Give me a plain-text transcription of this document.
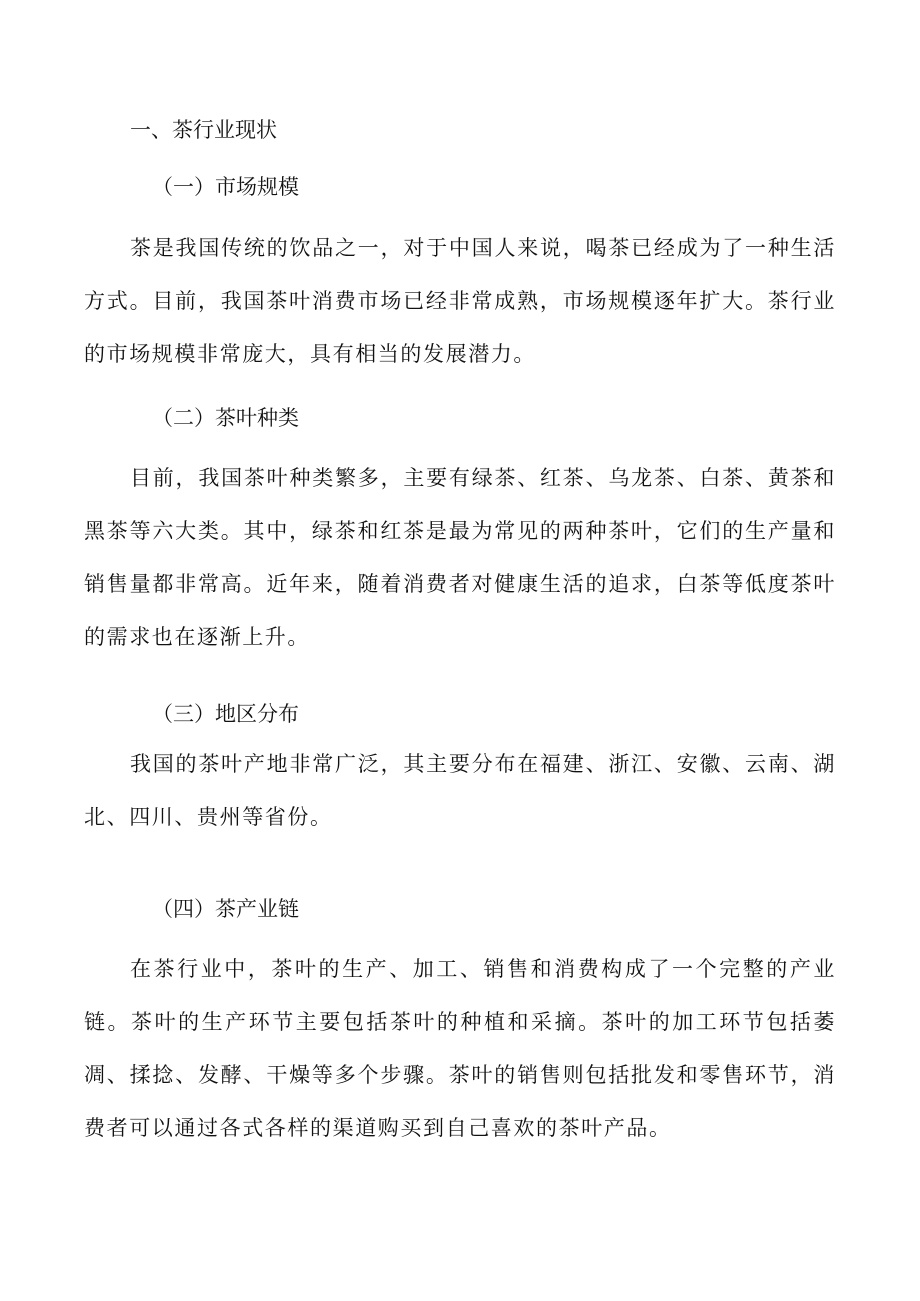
一、茶行业现状
（一）市场规模

茶是我国传统的饮品之一，对于中国人来说，喝茶已经成为了一种生活方式。目前，我国茶叶消费市场已经非常成熟，市场规模逐年扩大。茶行业的市场规模非常庞大，具有相当的发展潜力。

（二）茶叶种类

目前，我国茶叶种类繁多，主要有绿茶、红茶、乌龙茶、白茶、黄茶和黑茶等六大类。其中，绿茶和红茶是最为常见的两种茶叶，它们的生产量和销售量都非常高。近年来，随着消费者对健康生活的追求，白茶等低度茶叶的需求也在逐渐上升。

（三）地区分布

我国的茶叶产地非常广泛，其主要分布在福建、浙江、安徽、云南、湖北、四川、贵州等省份。

（四）茶产业链

在茶行业中，茶叶的生产、加工、销售和消费构成了一个完整的产业链。茶叶的生产环节主要包括茶叶的种植和采摘。茶叶的加工环节包括萎凋、揉捻、发酵、干燥等多个步骤。茶叶的销售则包括批发和零售环节，消费者可以通过各式各样的渠道购买到自己喜欢的茶叶产品。
